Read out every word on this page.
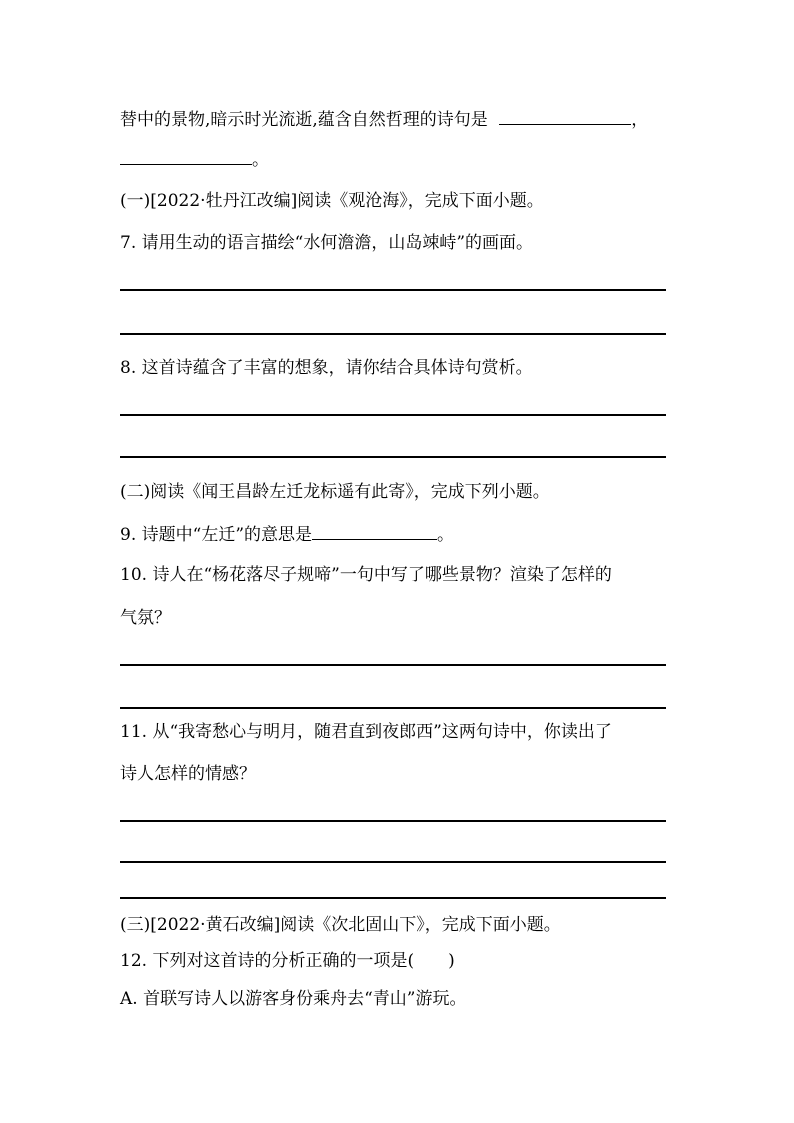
替中的景物,暗示时光流逝,蕴含自然哲理的诗句是	，
。
(一)[2022·牡丹江改编]阅读《观沧海》，完成下面小题。
7. 请用生动的语言描绘“水何澹澹，山岛竦峙”的画面。
8. 这首诗蕴含了丰富的想象，请你结合具体诗句赏析。
(二)阅读《闻王昌龄左迁龙标遥有此寄》，完成下列小题。
9. 诗题中“左迁”的意思是	。
10. 诗人在“杨花落尽子规啼”一句中写了哪些景物？渲染了怎样的
气氛？
11. 从“我寄愁心与明月，随君直到夜郎西”这两句诗中，你读出了
诗人怎样的情感？
(三)[2022·黄石改编]阅读《次北固山下》，完成下面小题。
12. 下列对这首诗的分析正确的一项是(　　)
A. 首联写诗人以游客身份乘舟去“青山”游玩。
